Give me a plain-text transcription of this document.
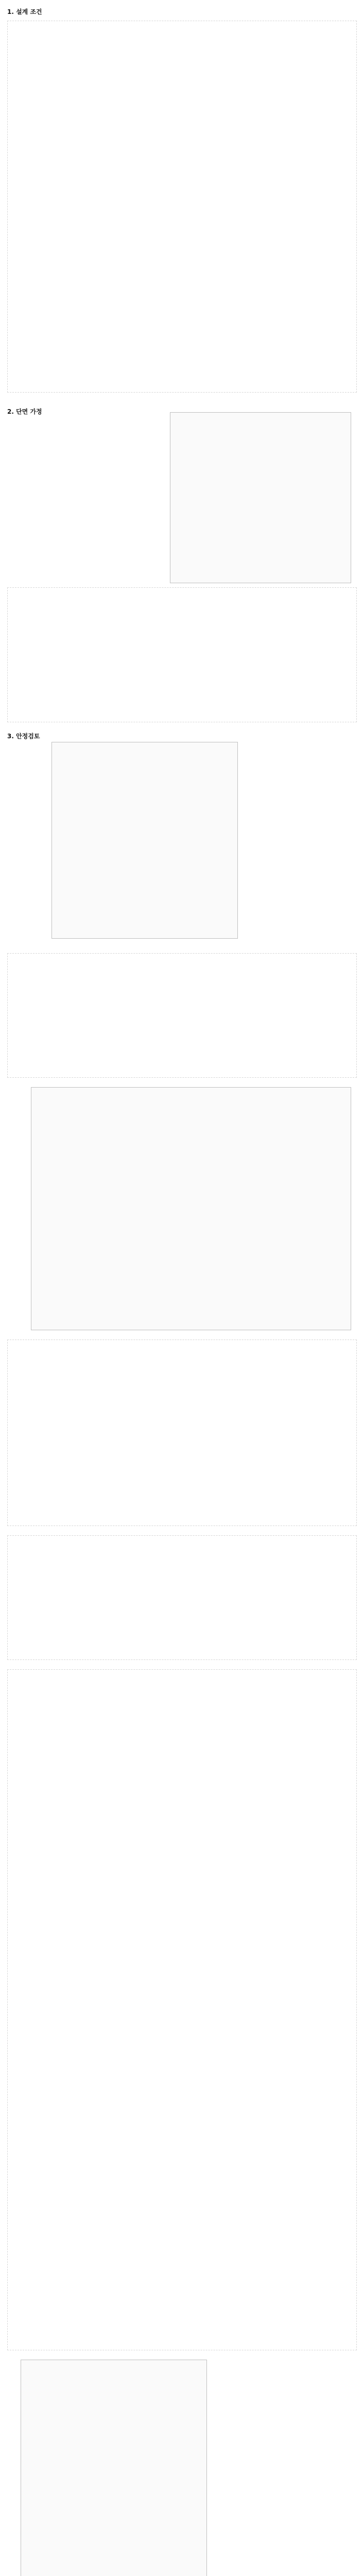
1. 설계 조건
2. 단면 가정
3. 안정검토
